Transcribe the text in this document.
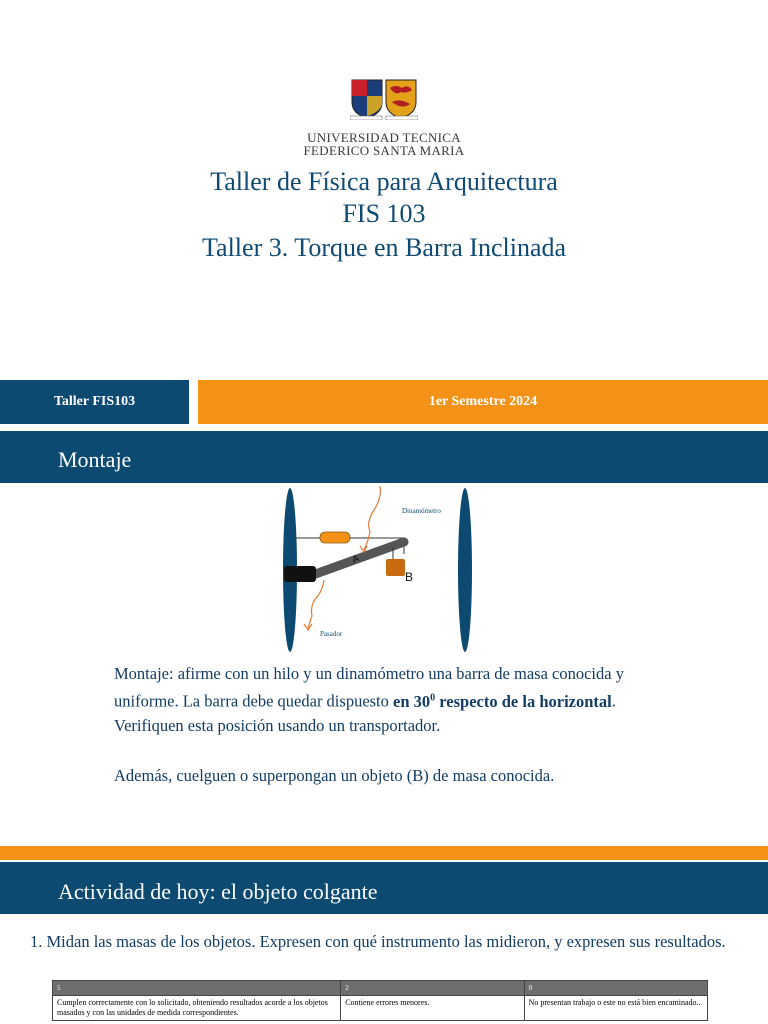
UNIVERSIDAD TECNICA
FEDERICO SANTA MARIA
Taller de Física para Arquitectura
FIS 103
Taller 3. Torque en Barra Inclinada
Taller FIS103	1er Semestre 2024
Montaje
Dinamómetro
A
B
Pasador
Montaje: afirme con un hilo y un dinamómetro una barra de masa conocida y uniforme. La barra debe quedar dispuesto en $30^0$ respecto de la horizontal. Verifiquen esta posición usando un transportador.
Además, cuelguen o superpongan un objeto (B) de masa conocida.
Actividad de hoy: el objeto colgante
1. Midan las masas de los objetos. Expresen con qué instrumento las midieron, y expresen sus resultados.
5	2	0
Cumplen correctamente con lo solicitado, obteniendo resultados acorde a los objetos masados y con las unidades de medida correspondientes.	Contiene errores menores.	No presentan trabajo o este no está bien encaminado..
